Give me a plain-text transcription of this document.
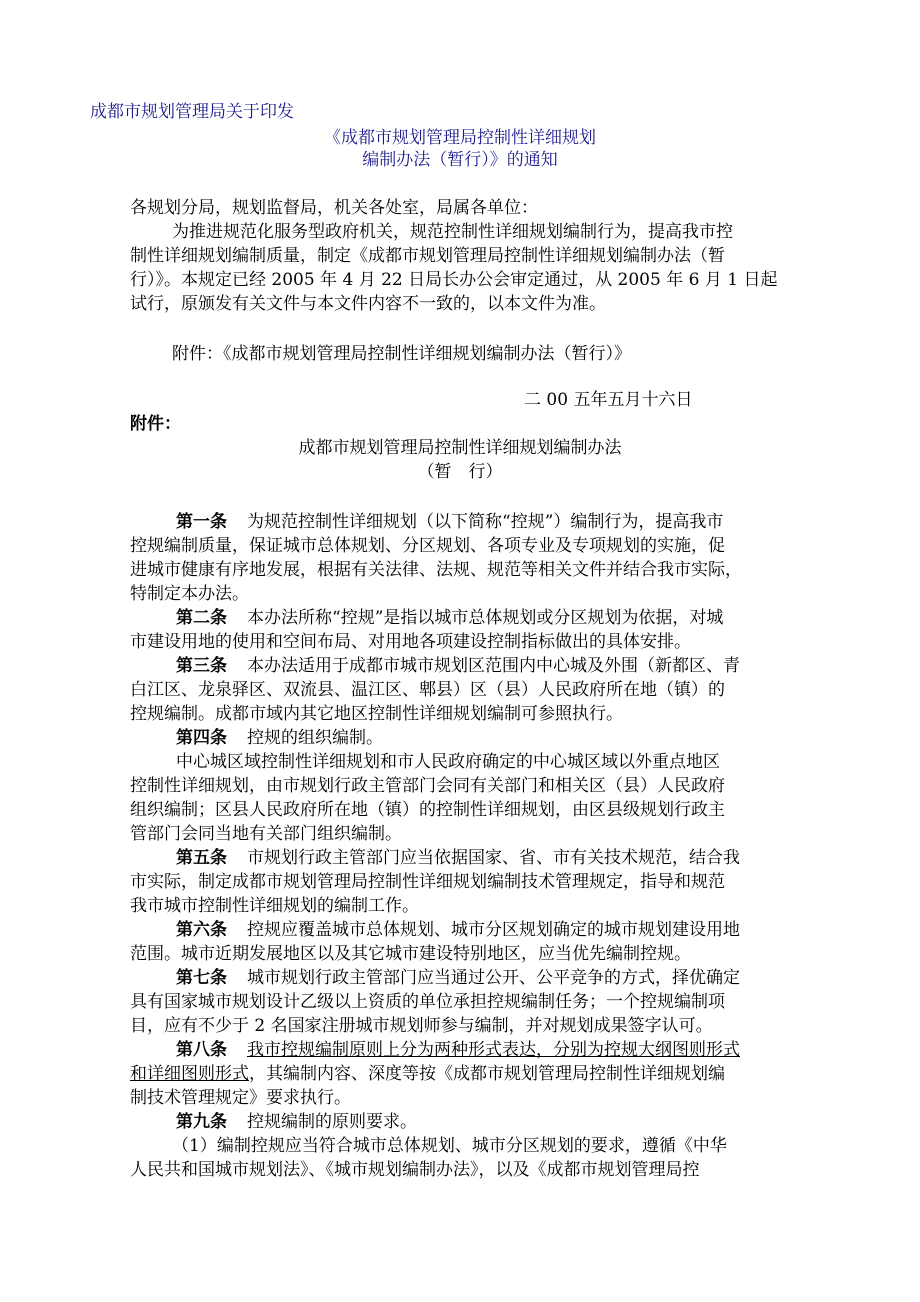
成都市规划管理局关于印发
《成都市规划管理局控制性详细规划
编制办法（暂行）》的通知
各规划分局，规划监督局，机关各处室，局属各单位：
为推进规范化服务型政府机关，规范控制性详细规划编制行为，提高我市控
制性详细规划编制质量，制定《成都市规划管理局控制性详细规划编制办法（暂
行）》。本规定已经 2005 年 4 月 22 日局长办公会审定通过，从 2005 年 6 月 1 日起
试行，原颁发有关文件与本文件内容不一致的，以本文件为准。
附件：《成都市规划管理局控制性详细规划编制办法（暂行）》
二 00 五年五月十六日
附件：
成都市规划管理局控制性详细规划编制办法
（暂　行）
第一条 为规范控制性详细规划（以下简称“控规”）编制行为，提高我市
控规编制质量，保证城市总体规划、分区规划、各项专业及专项规划的实施，促
进城市健康有序地发展，根据有关法律、法规、规范等相关文件并结合我市实际，
特制定本办法。
第二条 本办法所称“控规”是指以城市总体规划或分区规划为依据，对城
市建设用地的使用和空间布局、对用地各项建设控制指标做出的具体安排。
第三条 本办法适用于成都市城市规划区范围内中心城及外围（新都区、青
白江区、龙泉驿区、双流县、温江区、郫县）区（县）人民政府所在地（镇）的
控规编制。成都市域内其它地区控制性详细规划编制可参照执行。
第四条 控规的组织编制。
中心城区域控制性详细规划和市人民政府确定的中心城区域以外重点地区
控制性详细规划，由市规划行政主管部门会同有关部门和相关区（县）人民政府
组织编制；区县人民政府所在地（镇）的控制性详细规划，由区县级规划行政主
管部门会同当地有关部门组织编制。
第五条 市规划行政主管部门应当依据国家、省、市有关技术规范，结合我
市实际，制定成都市规划管理局控制性详细规划编制技术管理规定，指导和规范
我市城市控制性详细规划的编制工作。
第六条 控规应覆盖城市总体规划、城市分区规划确定的城市规划建设用地
范围。城市近期发展地区以及其它城市建设特别地区，应当优先编制控规。
第七条 城市规划行政主管部门应当通过公开、公平竞争的方式，择优确定
具有国家城市规划设计乙级以上资质的单位承担控规编制任务；一个控规编制项
目，应有不少于 2 名国家注册城市规划师参与编制，并对规划成果签字认可。
第八条 我市控规编制原则上分为两种形式表达，分别为控规大纲图则形式
和详细图则形式，其编制内容、深度等按《成都市规划管理局控制性详细规划编
制技术管理规定》要求执行。
第九条 控规编制的原则要求。
（1）编制控规应当符合城市总体规划、城市分区规划的要求，遵循《中华
人民共和国城市规划法》、《城市规划编制办法》，以及《成都市规划管理局控
